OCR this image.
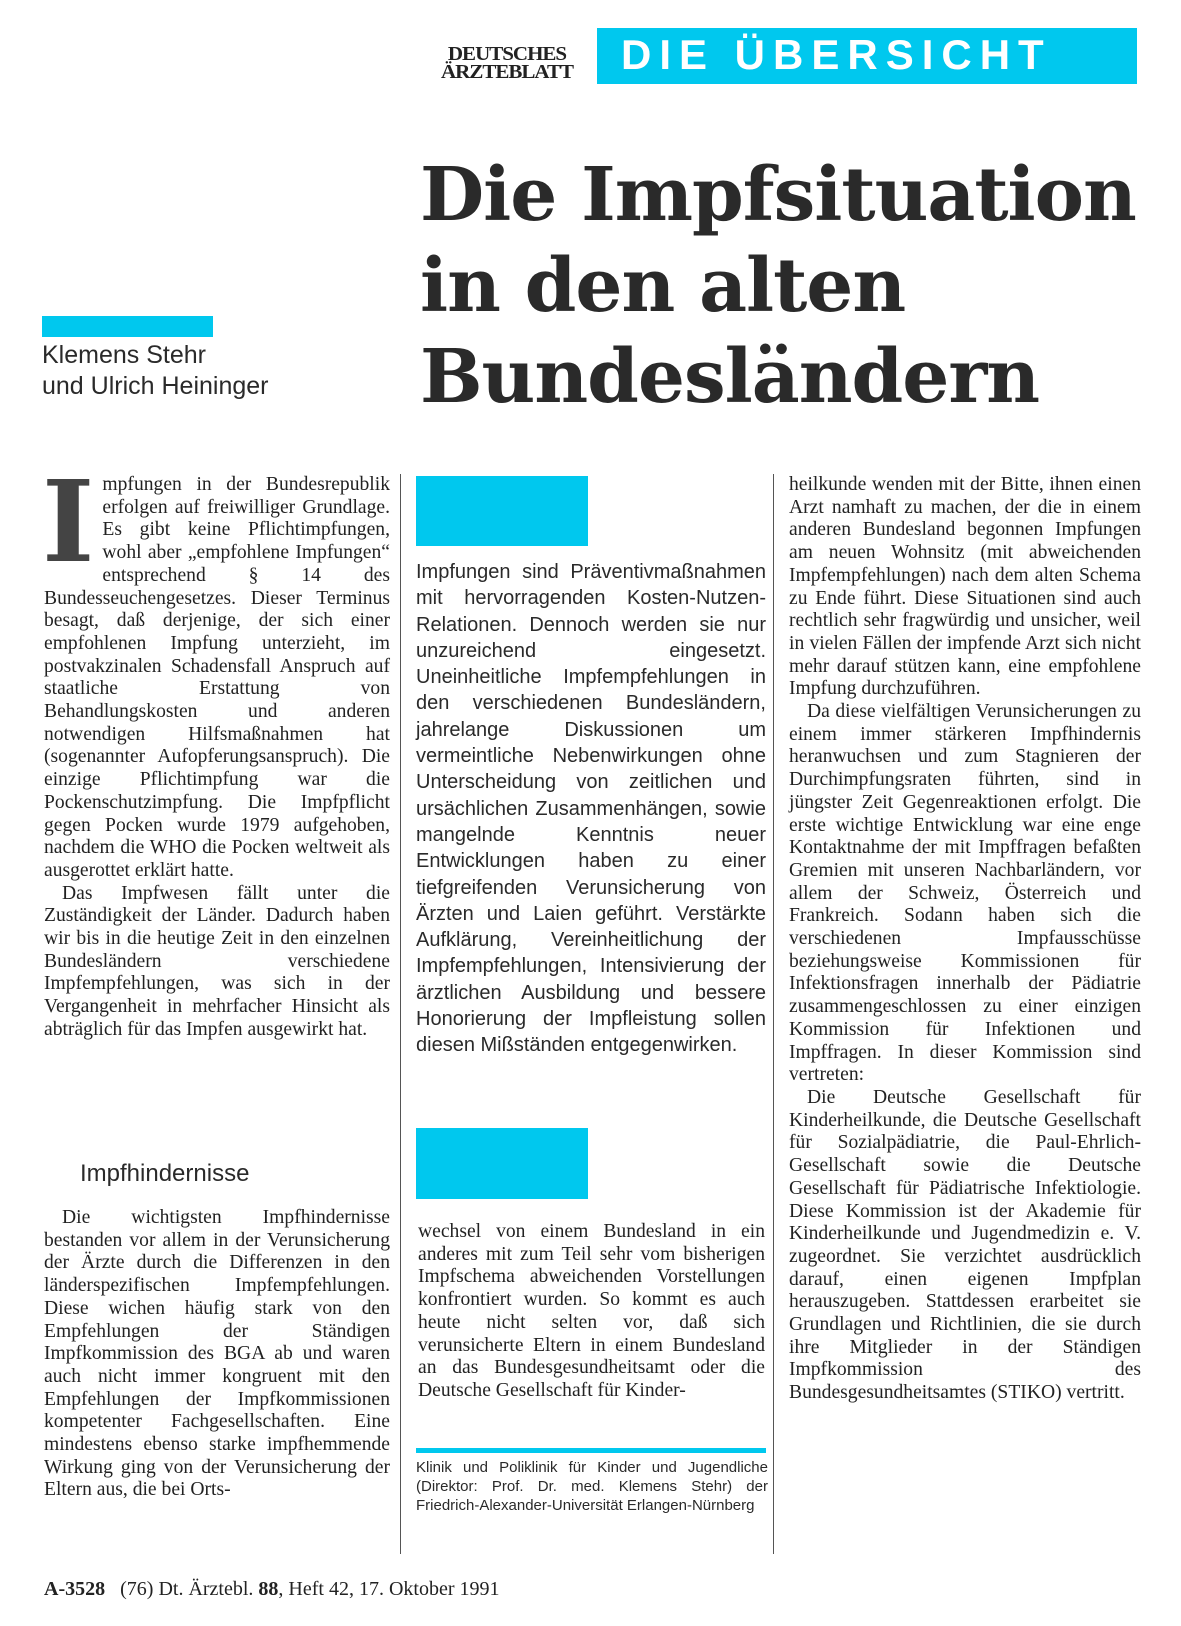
DEUTSCHES
ÄRZTEBLATT	DIE ÜBERSICHT
Die Impfsituation
in den alten
Bundesländern
Klemens Stehr
und Ulrich Heininger
I mpfungen in der Bundesrepublik erfolgen auf freiwilliger Grundlage. Es gibt keine Pflichtimpfungen, wohl aber „empfohlene Impfungen“ entsprechend § 14 des Bundesseuchengesetzes. Dieser Terminus besagt, daß derjenige, der sich einer empfohlenen Impfung unterzieht, im postvakzinalen Schadensfall Anspruch auf staatliche Erstattung von Behandlungskosten und anderen notwendigen Hilfsmaßnahmen hat (sogenannter Aufopferungsanspruch). Die einzige Pflichtimpfung war die Pockenschutzimpfung. Die Impfpflicht gegen Pocken wurde 1979 aufgehoben, nachdem die WHO die Pocken weltweit als ausgerottet erklärt hatte.

Das Impfwesen fällt unter die Zuständigkeit der Länder. Dadurch haben wir bis in die heutige Zeit in den einzelnen Bundesländern verschiedene Impfempfehlungen, was sich in der Vergangenheit in mehrfacher Hinsicht als abträglich für das Impfen ausgewirkt hat.

Impfhindernisse

Die wichtigsten Impfhindernisse bestanden vor allem in der Verunsicherung der Ärzte durch die Differenzen in den länderspezifischen Impfempfehlungen. Diese wichen häufig stark von den Empfehlungen der Ständigen Impfkommission des BGA ab und waren auch nicht immer kongruent mit den Empfehlungen der Impfkommissionen kompetenter Fachgesellschaften. Eine mindestens ebenso starke impfhemmende Wirkung ging von der Verunsicherung der Eltern aus, die bei Orts-

Impfungen sind Präventivmaßnahmen mit hervorragenden Kosten-Nutzen-Relationen. Dennoch werden sie nur unzureichend eingesetzt. Uneinheitliche Impfempfehlungen in den verschiedenen Bundesländern, jahrelange Diskussionen um vermeintliche Nebenwirkungen ohne Unterscheidung von zeitlichen und ursächlichen Zusammenhängen, sowie mangelnde Kenntnis neuer Entwicklungen haben zu einer tiefgreifenden Verunsicherung von Ärzten und Laien geführt. Verstärkte Aufklärung, Vereinheitlichung der Impfempfehlungen, Intensivierung der ärztlichen Ausbildung und bessere Honorierung der Impfleistung sollen diesen Mißständen entgegenwirken.

wechsel von einem Bundesland in ein anderes mit zum Teil sehr vom bisherigen Impfschema abweichenden Vorstellungen konfrontiert wurden. So kommt es auch heute nicht selten vor, daß sich verunsicherte Eltern in einem Bundesland an das Bundesgesundheitsamt oder die Deutsche Gesellschaft für Kinder-

Klinik und Poliklinik für Kinder und Jugendliche (Direktor: Prof. Dr. med. Klemens Stehr) der Friedrich-Alexander-Universität Erlangen-Nürnberg

heilkunde wenden mit der Bitte, ihnen einen Arzt namhaft zu machen, der die in einem anderen Bundesland begonnen Impfungen am neuen Wohnsitz (mit abweichenden Impfempfehlungen) nach dem alten Schema zu Ende führt. Diese Situationen sind auch rechtlich sehr fragwürdig und unsicher, weil in vielen Fällen der impfende Arzt sich nicht mehr darauf stützen kann, eine empfohlene Impfung durchzuführen.

Da diese vielfältigen Verunsicherungen zu einem immer stärkeren Impfhindernis heranwuchsen und zum Stagnieren der Durchimpfungsraten führten, sind in jüngster Zeit Gegenreaktionen erfolgt. Die erste wichtige Entwicklung war eine enge Kontaktnahme der mit Impffragen befaßten Gremien mit unseren Nachbarländern, vor allem der Schweiz, Österreich und Frankreich. Sodann haben sich die verschiedenen Impfausschüsse beziehungsweise Kommissionen für Infektionsfragen innerhalb der Pädiatrie zusammengeschlossen zu einer einzigen Kommission für Infektionen und Impffragen. In dieser Kommission sind vertreten:

Die Deutsche Gesellschaft für Kinderheilkunde, die Deutsche Gesellschaft für Sozialpädiatrie, die Paul-Ehrlich-Gesellschaft sowie die Deutsche Gesellschaft für Pädiatrische Infektiologie. Diese Kommission ist der Akademie für Kinderheilkunde und Jugendmedizin e. V. zugeordnet. Sie verzichtet ausdrücklich darauf, einen eigenen Impfplan herauszugeben. Stattdessen erarbeitet sie Grundlagen und Richtlinien, die sie durch ihre Mitglieder in der Ständigen Impfkommission des Bundesgesundheitsamtes (STIKO) vertritt.

A-3528 (76) Dt. Ärztebl. 88, Heft 42, 17. Oktober 1991
